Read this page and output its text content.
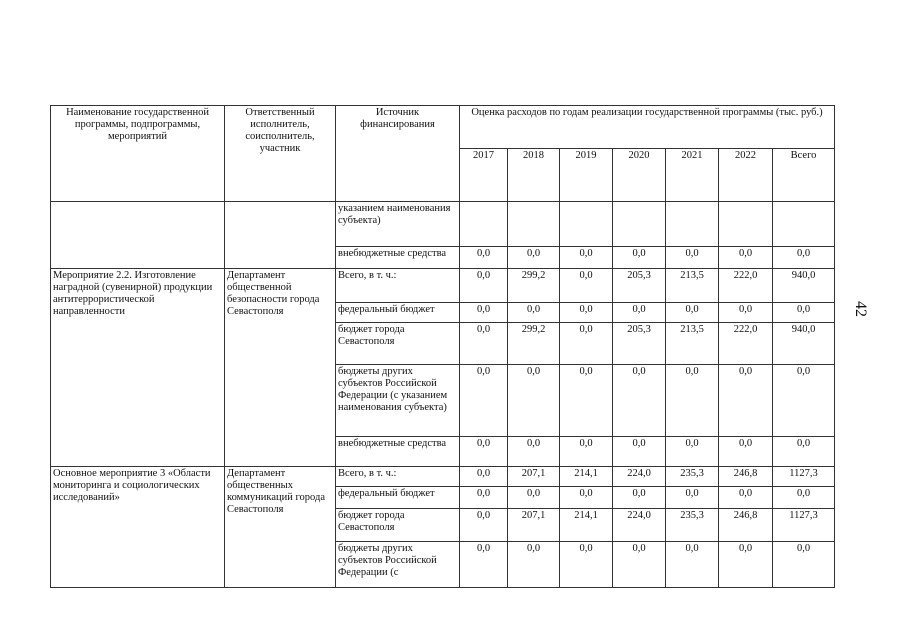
42
Наименование государственной программы, подпрограммы, мероприятий	Ответственный исполнитель, соисполнитель, участник	Источник финансирования	Оценка расходов по годам реализации государственной программы (тыс. руб.)						
			2017	2018	2019	2020	2021	2022	Всего
		указанием наименования субъекта)							
		внебюджетные средства	0,0	0,0	0,0	0,0	0,0	0,0	0,0
Мероприятие 2.2. Изготовление наградной (сувенирной) продукции антитеррористической направленности	Департамент общественной безопасности города Севастополя	Всего, в т. ч.:	0,0	299,2	0,0	205,3	213,5	222,0	940,0
		федеральный бюджет	0,0	0,0	0,0	0,0	0,0	0,0	0,0
		бюджет города Севастополя	0,0	299,2	0,0	205,3	213,5	222,0	940,0
		бюджеты других субъектов Российской Федерации (с указанием наименования субъекта)	0,0	0,0	0,0	0,0	0,0	0,0	0,0
		внебюджетные средства	0,0	0,0	0,0	0,0	0,0	0,0	0,0
Основное мероприятие 3 «Области мониторинга и социологических исследований»	Департамент общественных коммуникаций города Севастополя	Всего, в т. ч.:	0,0	207,1	214,1	224,0	235,3	246,8	1127,3
		федеральный бюджет	0,0	0,0	0,0	0,0	0,0	0,0	0,0
		бюджет города Севастополя	0,0	207,1	214,1	224,0	235,3	246,8	1127,3
		бюджеты других субъектов Российской Федерации (с	0,0	0,0	0,0	0,0	0,0	0,0	0,0
